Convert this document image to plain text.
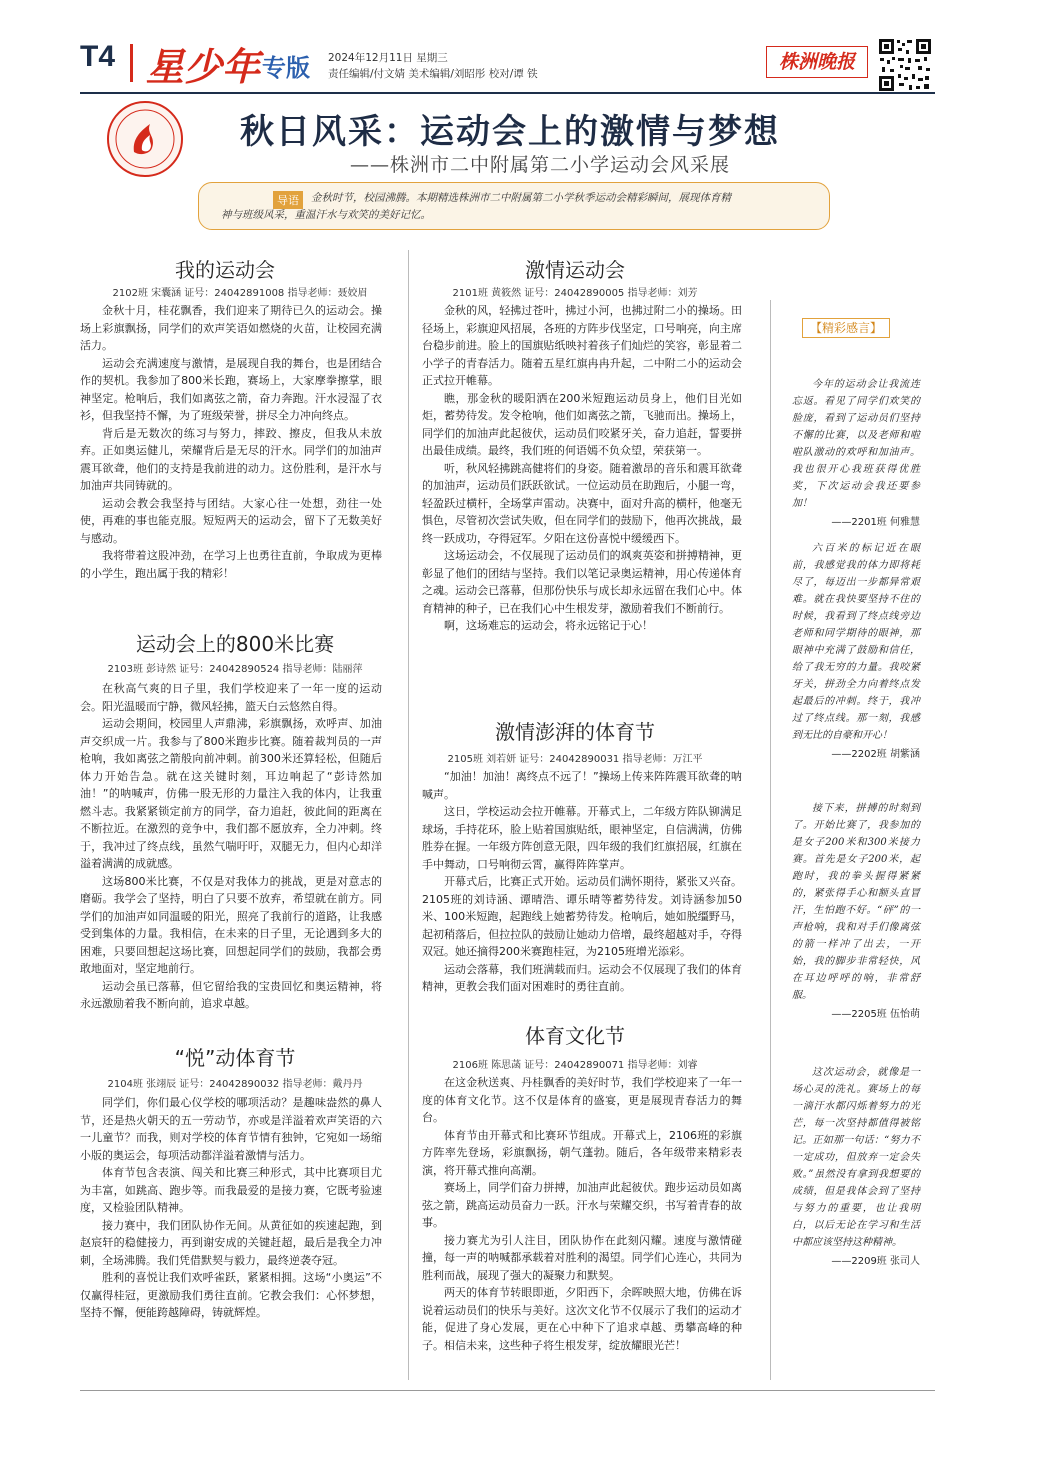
T4 星少年 专版 2024年12月11日 星期三
责任编辑/付文婧 美术编辑/刘昭彤 校对/谭 铁
株洲晚报
秋日风采：运动会上的激情与梦想
——株洲市二中附属第二小学运动会风采展
导语	金秋时节，校园沸腾。本期精选株洲市二中附属第二小学秋季运动会精彩瞬间，展现体育精
神与班级风采，重温汗水与欢笑的美好记忆。
我的运动会
2102班 宋囊涵 证号：24042891008 指导老师：聂姣眉

金秋十月，桂花飘香，我们迎来了期待已久的运动会。操场上彩旗飘扬，同学们的欢声笑语如燃烧的火苗，让校园充满活力。

运动会充满速度与激情，是展现自我的舞台，也是团结合作的契机。我参加了800米长跑，赛场上，大家摩拳擦掌，眼神坚定。枪响后，我们如离弦之箭，奋力奔跑。汗水浸湿了衣衫，但我坚持不懈，为了班级荣誉，拼尽全力冲向终点。

背后是无数次的练习与努力，摔跤、擦皮，但我从未放弃。正如奥运健儿，荣耀背后是无尽的汗水。同学们的加油声震耳欲聋，他们的支持是我前进的动力。这份胜利，是汗水与加油声共同铸就的。

运动会教会我坚持与团结。大家心往一处想，劲往一处使，再难的事也能克服。短短两天的运动会，留下了无数美好与感动。

我将带着这股冲劲，在学习上也勇往直前，争取成为更棒的小学生，跑出属于我的精彩！

运动会上的800米比赛
2103班 彭诗然 证号：24042890524 指导老师：陆丽萍

在秋高气爽的日子里，我们学校迎来了一年一度的运动会。阳光温暖而宁静，微风轻拂，篮天白云悠然自得。

运动会期间，校园里人声鼎沸，彩旗飘扬，欢呼声、加油声交织成一片。我参与了800米跑步比赛。随着裁判员的一声枪响，我如离弦之箭般向前冲刺。前300米还算轻松，但随后体力开始告急。就在这关键时刻，耳边响起了“彭诗然加油！”的呐喊声，仿佛一股无形的力量注入我的体内，让我重燃斗志。我紧紧锁定前方的同学，奋力追赶，彼此间的距离在不断拉近。在激烈的竞争中，我们都不愿放弃，全力冲刺。终于，我冲过了终点线，虽然气喘吁吁，双腿无力，但内心却洋溢着满满的成就感。

这场800米比赛，不仅是对我体力的挑战，更是对意志的磨砺。我学会了坚持，明白了只要不放弃，希望就在前方。同学们的加油声如同温暖的阳光，照亮了我前行的道路，让我感受到集体的力量。我相信，在未来的日子里，无论遇到多大的困难，只要回想起这场比赛，回想起同学们的鼓励，我都会勇敢地面对，坚定地前行。

运动会虽已落幕，但它留给我的宝贵回忆和奥运精神，将永远激励着我不断向前，追求卓越。

“悦”动体育节
2104班 张翊辰 证号：24042890032 指导老师：戴丹丹

同学们，你们最心仪学校的哪项活动？是趣味盎然的鼻人节，还是热火朝天的五一劳动节，亦或是洋溢着欢声笑语的六一儿童节？而我，则对学校的体育节情有独钟，它宛如一场缩小版的奥运会，每项活动都洋溢着激情与活力。

体育节包含表演、闯关和比赛三种形式，其中比赛项目尤为丰富，如跳高、跑步等。而我最爱的是接力赛，它既考验速度，又检验团队精神。

接力赛中，我们团队协作无间。从黄征如的疾速起跑，到赵宸轩的稳健接力，再到谢安成的关键赶超，最后是我全力冲刺，全场沸腾。我们凭借默契与毅力，最终逆袭夺冠。

胜利的喜悦让我们欢呼雀跃，紧紧相拥。这场“小奥运”不仅赢得桂冠，更激励我们勇往直前。它教会我们：心怀梦想，坚持不懈，便能跨越障碍，铸就辉煌。

激情运动会
2101班 黄筱然 证号：24042890005 指导老师：刘芳

金秋的风，轻拂过苍叶，拂过小河，也拂过附二小的操场。田径场上，彩旗迎风招展，各班的方阵步伐坚定，口号响亮，向主席台稳步前进。脸上的国旗贴纸映衬着孩子们灿烂的笑容，彰显着二小学子的青春活力。随着五星红旗冉冉升起，二中附二小的运动会正式拉开帷幕。

瞧，那金秋的暖阳洒在200米短跑运动员身上，他们目光如炬，蓄势待发。发令枪响，他们如离弦之箭，飞驰而出。操场上，同学们的加油声此起彼伏，运动员们咬紧牙关，奋力追赶，誓要拼出最佳成绩。最终，我们班的何语嫣不负众望，荣获第一。

听，秋风轻拂跳高健将们的身姿。随着激昂的音乐和震耳欲聋的加油声，运动员们跃跃欲试。一位运动员在助跑后，小腿一弯，轻盈跃过横杆，全场掌声雷动。决赛中，面对升高的横杆，他毫无惧色，尽管初次尝试失败，但在同学们的鼓励下，他再次挑战，最终一跃成功，夺得冠军。夕阳在这份喜悦中缓缓西下。

这场运动会，不仅展现了运动员们的飒爽英姿和拼搏精神，更彰显了他们的团结与坚持。我们以笔记录奥运精神，用心传递体育之魂。运动会已落幕，但那份快乐与成长却永远留在我们心中。体育精神的种子，已在我们心中生根发芽，激励着我们不断前行。

啊，这场难忘的运动会，将永远铭记于心！

激情澎湃的体育节
2105班 刘若妍 证号：24042890031 指导老师：万江平

“加油！加油！离终点不远了！”操场上传来阵阵震耳欲聋的呐喊声。

这日，学校运动会拉开帷幕。开幕式上，二年级方阵队铆满足球场，手持花环，脸上贴着国旗贴纸，眼神坚定，自信满满，仿佛胜券在握。一年级方阵创意无限，四年级的我们红旗招展，红旗在手中舞动，口号响彻云霄，赢得阵阵掌声。

开幕式后，比赛正式开始。运动员们满怀期待，紧张又兴奋。2105班的刘诗涵、谭晴浩、谭乐晴等蓄势待发。刘诗涵参加50米、100米短跑，起跑线上她蓄势待发。枪响后，她如脱缰野马，起初稍落后，但拉拉队的鼓励让她动力倍增，最终超越对手，夺得双冠。她还摘得200米赛跑桂冠，为2105班增光添彩。

运动会落幕，我们班满载而归。运动会不仅展现了我们的体育精神，更教会我们面对困难时的勇往直前。

体育文化节
2106班 陈思菡 证号：24042890071 指导老师：刘睿

在这金秋送爽、丹桂飘香的美好时节，我们学校迎来了一年一度的体育文化节。这不仅是体育的盛宴，更是展现青春活力的舞台。

体育节由开幕式和比赛环节组成。开幕式上，2106班的彩旗方阵率先登场，彩旗飘扬，朝气蓬勃。随后，各年级带来精彩表演，将开幕式推向高潮。

赛场上，同学们奋力拼搏，加油声此起彼伏。跑步运动员如离弦之箭，跳高运动员奋力一跃。汗水与荣耀交织，书写着青春的故事。

接力赛尤为引人注目，团队协作在此刻闪耀。速度与激情碰撞，每一声的呐喊都承载着对胜利的渴望。同学们心连心，共同为胜利而战，展现了强大的凝聚力和默契。

两天的体育节转眼即逝，夕阳西下，余晖映照大地，仿佛在诉说着运动员们的快乐与美好。这次文化节不仅展示了我们的运动才能，促进了身心发展，更在心中种下了追求卓越、勇攀高峰的种子。相信未来，这些种子将生根发芽，绽放耀眼光芒！

【精彩感言】

今年的运动会让我流连忘返。看见了同学们欢笑的脸庞，看到了运动员们坚持不懈的比赛，以及老师和啦啦队激动的欢呼和加油声。我也很开心我班获得优胜奖，下次运动会我还要参加！

——2201班 何雅慧

六百米的标记近在眼前，我感觉我的体力即将耗尽了，每迈出一步都异常艰难。就在我快要坚持不住的时候，我看到了终点线旁边老师和同学期待的眼神，那眼神中充满了鼓励和信任，给了我无穷的力量。我咬紧牙关，拼劲全力向着终点发起最后的冲刺。终于，我冲过了终点线。那一刻，我感到无比的自豪和开心！

——2202班 胡紫涵

接下来，拼搏的时刻到了。开始比赛了，我参加的是女子200米和300米接力赛。首先是女子200米，起跑时，我的拳头握得紧紧的，紧张得手心和额头直冒汗，生怕跑不好。“砰”的一声枪响，我和对手们像离弦的箭一样冲了出去，一开始，我的脚步非常轻快，风在耳边呼呼的响，非常舒服。

——2205班 伍怡萌

这次运动会，就像是一场心灵的洗礼。赛场上的每一滴汗水都闪烁着努力的光芒，每一次坚持都值得被铭记。正如那一句话：“努力不一定成功，但放弃一定会失败。”虽然没有拿到我想要的成绩，但是我体会到了坚持与努力的重要，也让我明白，以后无论在学习和生活中都应该坚持这种精神。

——2209班 张司人
